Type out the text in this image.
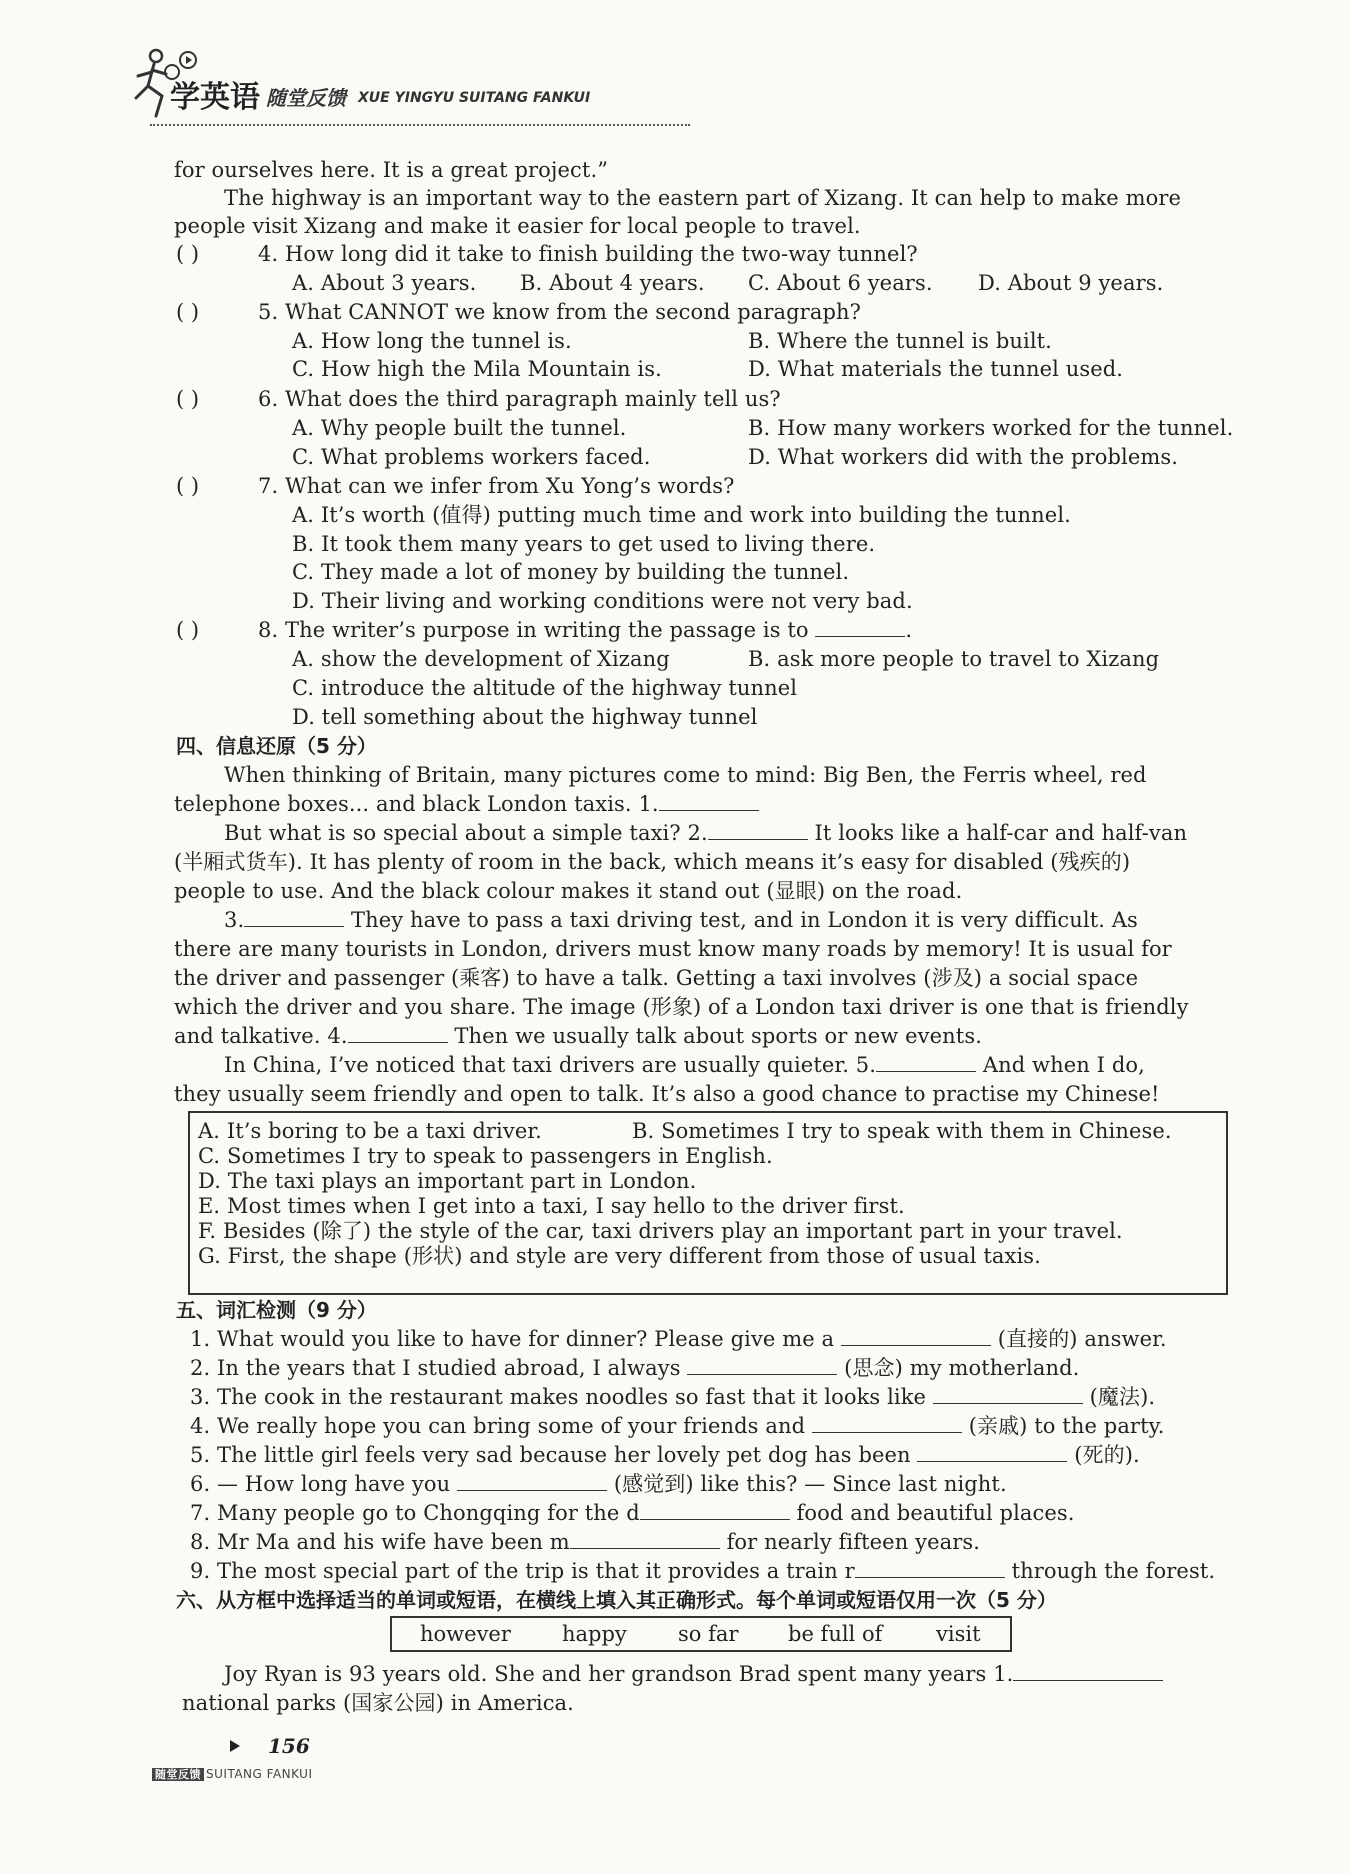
学英语 随堂反馈 XUE YINGYU SUITANG FANKUI
for ourselves here. It is a great project.”
The highway is an important way to the eastern part of Xizang. It can help to make more
people visit Xizang and make it easier for local people to travel.
( )	4. How long did it take to finish building the two-way tunnel?
A. About 3 years. B. About 4 years. C. About 6 years. D. About 9 years.
( )	5. What CANNOT we know from the second paragraph?
A. How long the tunnel is.	B. Where the tunnel is built.
C. How high the Mila Mountain is.	D. What materials the tunnel used.
( )	6. What does the third paragraph mainly tell us?
A. Why people built the tunnel.	B. How many workers worked for the tunnel.
C. What problems workers faced.	D. What workers did with the problems.
( )	7. What can we infer from Xu Yong’s words?
A. It’s worth (值得) putting much time and work into building the tunnel.
B. It took them many years to get used to living there.
C. They made a lot of money by building the tunnel.
D. Their living and working conditions were not very bad.
( )	8. The writer’s purpose in writing the passage is to	.
A. show the development of Xizang	B. ask more people to travel to Xizang
C. introduce the altitude of the highway tunnel
D. tell something about the highway tunnel
四、信息还原（5 分）
When thinking of Britain, many pictures come to mind: Big Ben, the Ferris wheel, red
telephone boxes... and black London taxis. 1.
But what is so special about a simple taxi? 2.	It looks like a half-car and half-van
(半厢式货车). It has plenty of room in the back, which means it’s easy for disabled (残疾的)
people to use. And the black colour makes it stand out (显眼) on the road.
3.	They have to pass a taxi driving test, and in London it is very difficult. As
there are many tourists in London, drivers must know many roads by memory! It is usual for
the driver and passenger (乘客) to have a talk. Getting a taxi involves (涉及) a social space
which the driver and you share. The image (形象) of a London taxi driver is one that is friendly
and talkative. 4.	Then we usually talk about sports or new events.
In China, I’ve noticed that taxi drivers are usually quieter. 5.	And when I do,
they usually seem friendly and open to talk. It’s also a good chance to practise my Chinese!
A. It’s boring to be a taxi driver.	B. Sometimes I try to speak with them in Chinese.
C. Sometimes I try to speak to passengers in English.
D. The taxi plays an important part in London.
E. Most times when I get into a taxi, I say hello to the driver first.
F. Besides (除了) the style of the car, taxi drivers play an important part in your travel.
G. First, the shape (形状) and style are very different from those of usual taxis.
五、词汇检测（9 分）
1. What would you like to have for dinner? Please give me a	(直接的) answer.
2. In the years that I studied abroad, I always	(思念) my motherland.
3. The cook in the restaurant makes noodles so fast that it looks like	(魔法).
4. We really hope you can bring some of your friends and	(亲戚) to the party.
5. The little girl feels very sad because her lovely pet dog has been	(死的).
6. — How long have you	(感觉到) like this? — Since last night.
7. Many people go to Chongqing for the d	food and beautiful places.
8. Mr Ma and his wife have been m	for nearly fifteen years.
9. The most special part of the trip is that it provides a train r	through the forest.
六、从方框中选择适当的单词或短语，在横线上填入其正确形式。每个单词或短语仅用一次（5 分）
however happy so far be full of	visit
Joy Ryan is 93 years old. She and her grandson Brad spent many years 1.
national parks (国家公园) in America.
156
随堂反馈 SUITANG FANKUI
